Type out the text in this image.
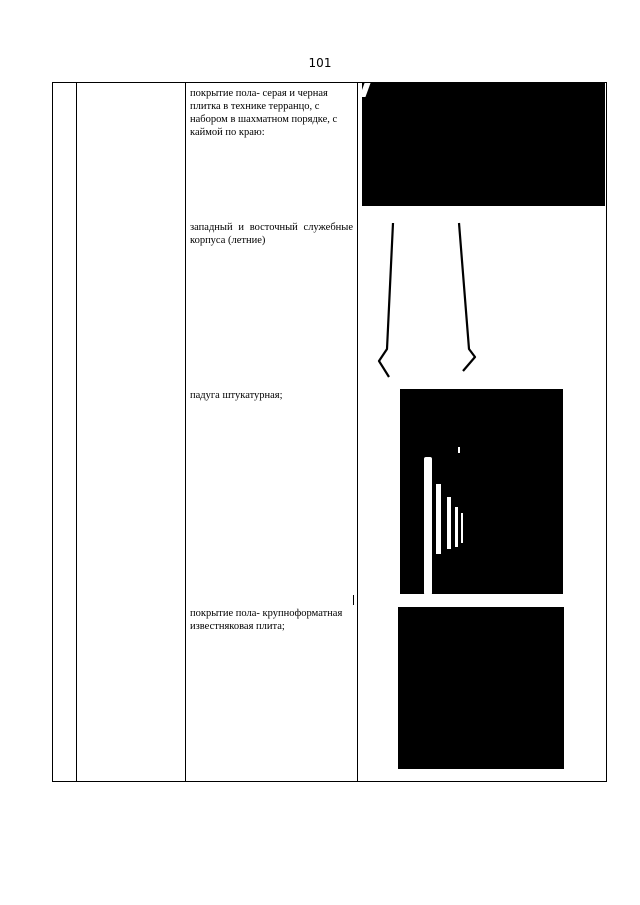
101
покрытие пола- серая и черная плитка в технике терранцо, с набором в шахматном порядке, с каймой по краю:
западный и восточный служебные корпуса (летние)
падуга штукатурная;
покрытие пола- крупноформатная известняковая плита;
